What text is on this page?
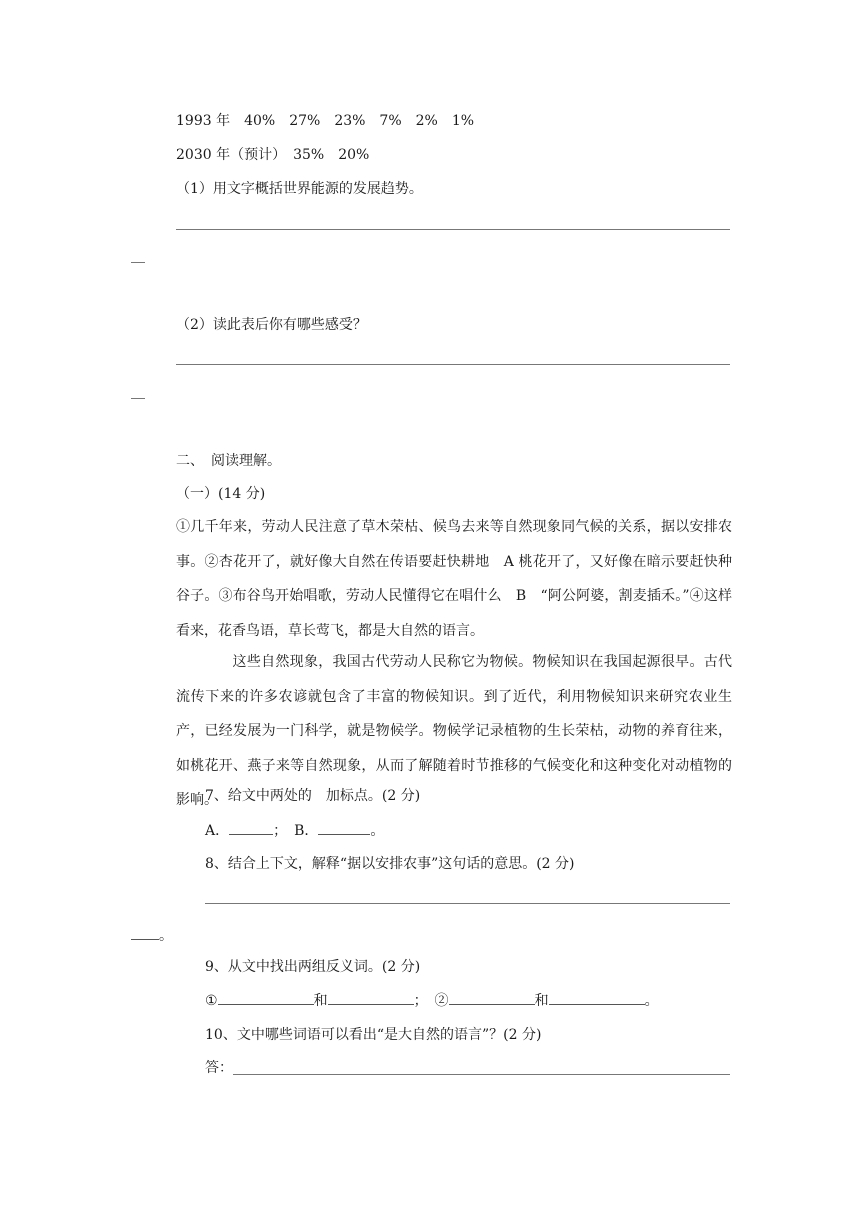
1993 年　40%　27%　23%　7%　2%　1%
2030 年（预计）　35%　20%
（1）用文字概括世界能源的发展趋势。
（2）读此表后你有哪些感受？
二、　阅读理解。
（一）(14 分)
①几千年来，劳动人民注意了草木荣枯、候鸟去来等自然现象同气候的关系，据以安排农事。②杏花开了，就好像大自然在传语要赶快耕地　A 桃花开了，又好像在暗示要赶快种谷子。③布谷鸟开始唱歌，劳动人民懂得它在唱什么　B　“阿公阿婆，割麦插禾。”④这样看来，花香鸟语，草长莺飞，都是大自然的语言。
　　这些自然现象，我国古代劳动人民称它为物候。物候知识在我国起源很早。古代流传下来的许多农谚就包含了丰富的物候知识。到了近代，利用物候知识来研究农业生产，已经发展为一门科学，就是物候学。物候学记录植物的生长荣枯，动物的养育往来，如桃花开、燕子来等自然现象，从而了解随着时节推移的气候变化和这种变化对动植物的影响。
7、给文中两处的　加标点。(2 分)
A．	；　B．	。
8、结合上下文，解释“据以安排农事”这句话的意思。(2 分)
。
9、从文中找出两组反义词。(2 分)
①	和	；　②	和	。
10、文中哪些词语可以看出“是大自然的语言”？(2 分)
答：
